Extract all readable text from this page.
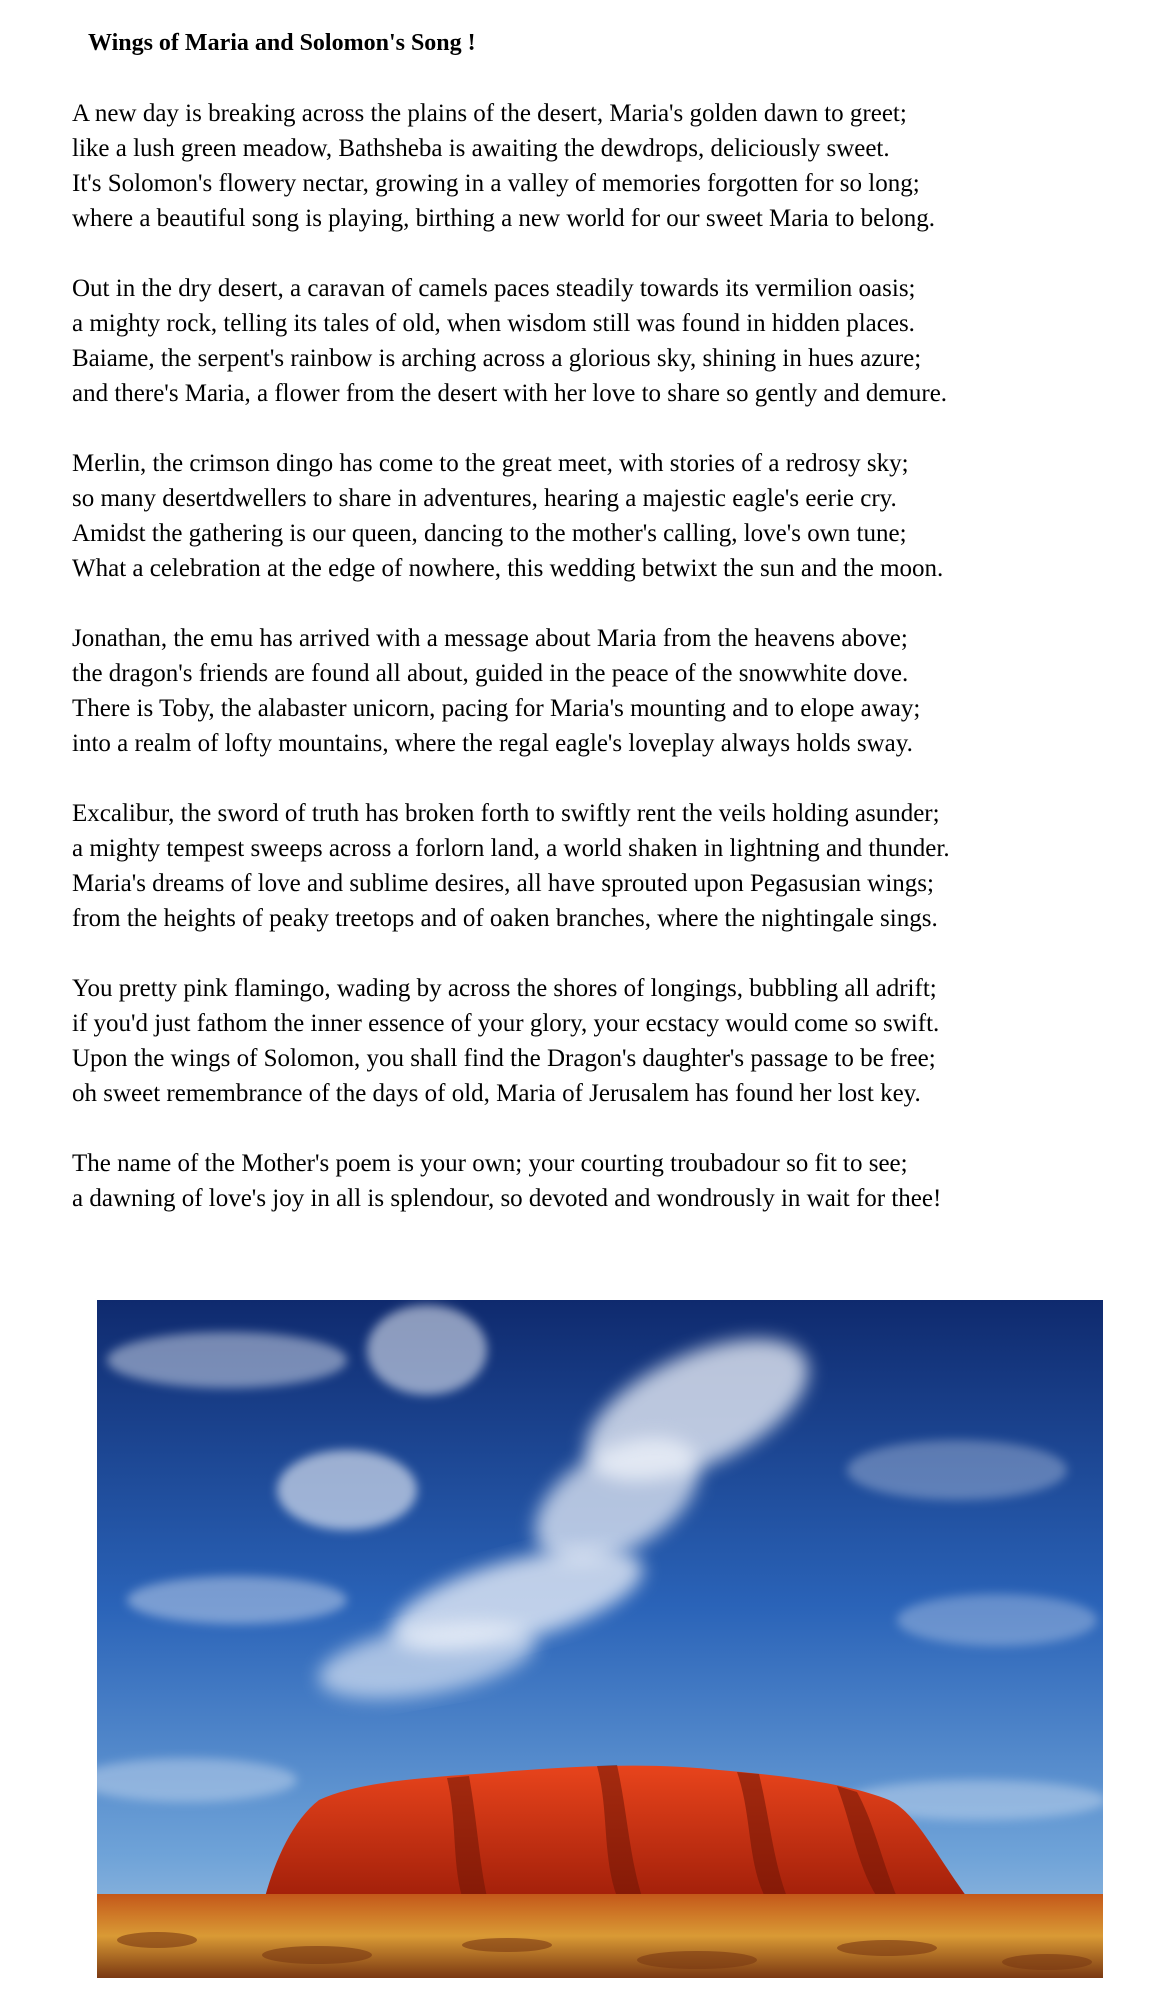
Wings of Maria and Solomon's Song !
A new day is breaking across the plains of the desert, Maria's golden dawn to greet;
like a lush green meadow, Bathsheba is awaiting the dewdrops, deliciously sweet.
It's Solomon's flowery nectar, growing in a valley of memories forgotten for so long;
where a beautiful song is playing, birthing a new world for our sweet Maria to belong.
Out in the dry desert, a caravan of camels paces steadily towards its vermilion oasis;
a mighty rock, telling its tales of old, when wisdom still was found in hidden places.
Baiame, the serpent's rainbow is arching across a glorious sky, shining in hues azure;
and there's Maria, a flower from the desert with her love to share so gently and demure.
Merlin, the crimson dingo has come to the great meet, with stories of a redrosy sky;
so many desertdwellers to share in adventures, hearing a majestic eagle's eerie cry.
Amidst the gathering is our queen, dancing to the mother's calling, love's own tune;
What a celebration at the edge of nowhere, this wedding betwixt the sun and the moon.
Jonathan, the emu has arrived with a message about Maria from the heavens above;
the dragon's friends are found all about, guided in the peace of the snowwhite dove.
There is Toby, the alabaster unicorn, pacing for Maria's mounting and to elope away;
into a realm of lofty mountains, where the regal eagle's loveplay always holds sway.
Excalibur, the sword of truth has broken forth to swiftly rent the veils holding asunder;
a mighty tempest sweeps across a forlorn land, a world shaken in lightning and thunder.
Maria's dreams of love and sublime desires, all have sprouted upon Pegasusian wings;
from the heights of peaky treetops and of oaken branches, where the nightingale sings.
You pretty pink flamingo, wading by across the shores of longings, bubbling all adrift;
if you'd just fathom the inner essence of your glory, your ecstacy would come so swift.
Upon the wings of Solomon, you shall find the Dragon's daughter's passage to be free;
oh sweet remembrance of the days of old, Maria of Jerusalem has found her lost key.
The name of the Mother's poem is your own; your courting troubadour so fit to see;
a dawning of love's joy in all is splendour, so devoted and wondrously in wait for thee!
